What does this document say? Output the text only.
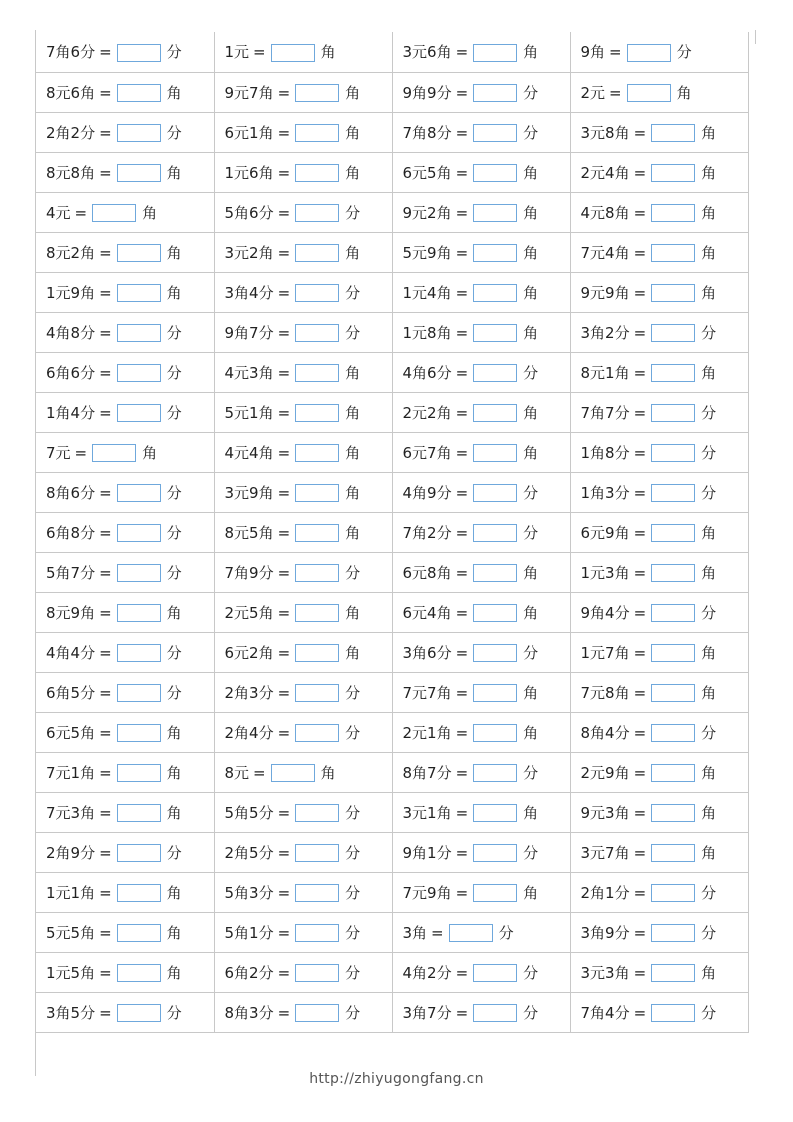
7角6分 = 分	1元 = 角	3元6角 = 角	9角 = 分
8元6角 = 角	9元7角 = 角	9角9分 = 分	2元 = 角
2角2分 = 分	6元1角 = 角	7角8分 = 分	3元8角 = 角
8元8角 = 角	1元6角 = 角	6元5角 = 角	2元4角 = 角
4元 = 角	5角6分 = 分	9元2角 = 角	4元8角 = 角
8元2角 = 角	3元2角 = 角	5元9角 = 角	7元4角 = 角
1元9角 = 角	3角4分 = 分	1元4角 = 角	9元9角 = 角
4角8分 = 分	9角7分 = 分	1元8角 = 角	3角2分 = 分
6角6分 = 分	4元3角 = 角	4角6分 = 分	8元1角 = 角
1角4分 = 分	5元1角 = 角	2元2角 = 角	7角7分 = 分
7元 = 角	4元4角 = 角	6元7角 = 角	1角8分 = 分
8角6分 = 分	3元9角 = 角	4角9分 = 分	1角3分 = 分
6角8分 = 分	8元5角 = 角	7角2分 = 分	6元9角 = 角
5角7分 = 分	7角9分 = 分	6元8角 = 角	1元3角 = 角
8元9角 = 角	2元5角 = 角	6元4角 = 角	9角4分 = 分
4角4分 = 分	6元2角 = 角	3角6分 = 分	1元7角 = 角
6角5分 = 分	2角3分 = 分	7元7角 = 角	7元8角 = 角
6元5角 = 角	2角4分 = 分	2元1角 = 角	8角4分 = 分
7元1角 = 角	8元 = 角	8角7分 = 分	2元9角 = 角
7元3角 = 角	5角5分 = 分	3元1角 = 角	9元3角 = 角
2角9分 = 分	2角5分 = 分	9角1分 = 分	3元7角 = 角
1元1角 = 角	5角3分 = 分	7元9角 = 角	2角1分 = 分
5元5角 = 角	5角1分 = 分	3角 = 分	3角9分 = 分
1元5角 = 角	6角2分 = 分	4角2分 = 分	3元3角 = 角
3角5分 = 分	8角3分 = 分	3角7分 = 分	7角4分 = 分
http://zhiyugongfang.cn
